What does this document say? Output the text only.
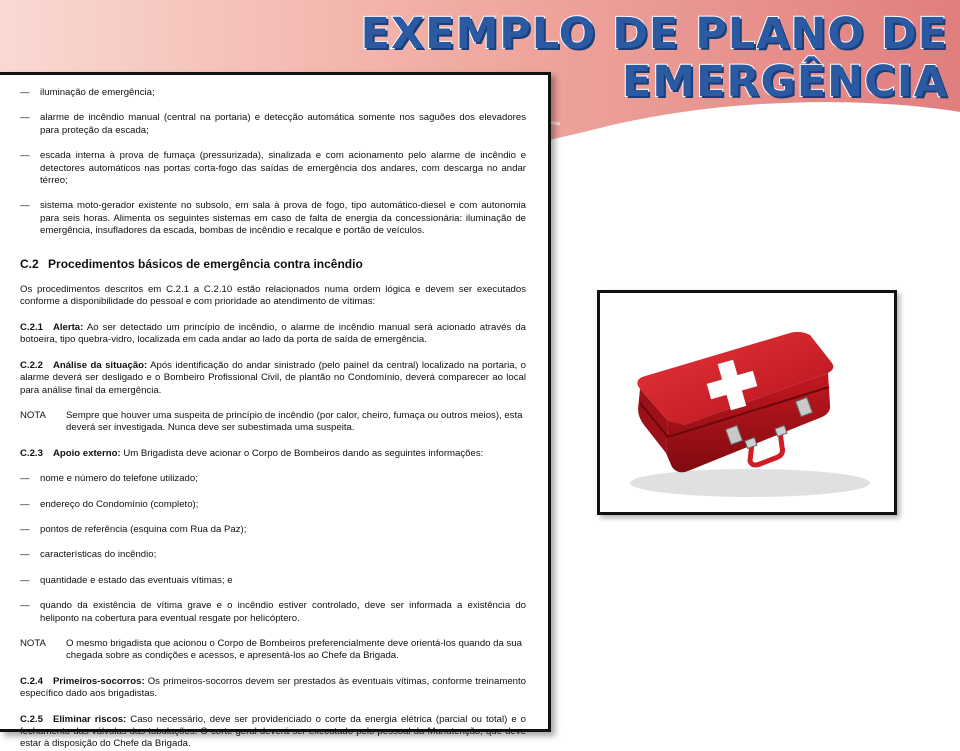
EXEMPLO DE PLANO DE
EMERGÊNCIA
—	iluminação de emergência;
—	alarme de incêndio manual (central na portaria) e detecção automática somente nos saguões dos elevadores para proteção da escada;
—	escada interna à prova de fumaça (pressurizada), sinalizada e com acionamento pelo alarme de incêndio e detectores automáticos nas portas corta-fogo das saídas de emergência dos andares, com descarga no andar térreo;
—	sistema moto-gerador existente no subsolo, em sala à prova de fogo, tipo automático-diesel e com autonomia para seis horas. Alimenta os seguintes sistemas em caso de falta de energia da concessionária: iluminação de emergência, insufladores da escada, bombas de incêndio e recalque e portão de veículos.
C.2 Procedimentos básicos de emergência contra incêndio

Os procedimentos descritos em C.2.1 a C.2.10 estão relacionados numa ordem lógica e devem ser executados conforme a disponibilidade do pessoal e com prioridade ao atendimento de vítimas:

C.2.1 Alerta: Ao ser detectado um princípio de incêndio, o alarme de incêndio manual será acionado através da botoeira, tipo quebra-vidro, localizada em cada andar ao lado da porta de saída de emergência.

C.2.2 Análise da situação: Após identificação do andar sinistrado (pelo painel da central) localizado na portaria, o alarme deverá ser desligado e o Bombeiro Profissional Civil, de plantão no Condomínio, deverá comparecer ao local para análise final da emergência.

NOTA	Sempre que houver uma suspeita de princípio de incêndio (por calor, cheiro, fumaça ou outros meios), esta deverá ser investigada. Nunca deve ser subestimada uma suspeita.

C.2.3 Apoio externo: Um Brigadista deve acionar o Corpo de Bombeiros dando as seguintes informações:

—	nome e número do telefone utilizado;
—	endereço do Condomínio (completo);
—	pontos de referência (esquina com Rua da Paz);
—	características do incêndio;
—	quantidade e estado das eventuais vítimas; e
—	quando da existência de vítima grave e o incêndio estiver controlado, deve ser informada a existência do heliponto na cobertura para eventual resgate por helicóptero.
NOTA	O mesmo brigadista que acionou o Corpo de Bombeiros preferencialmente deve orientá-los quando da sua chegada sobre as condições e acessos, e apresentá-los ao Chefe da Brigada.

C.2.4 Primeiros-socorros: Os primeiros-socorros devem ser prestados às eventuais vítimas, conforme treinamento específico dado aos brigadistas.

C.2.5 Eliminar riscos: Caso necessário, deve ser providenciado o corte da energia elétrica (parcial ou total) e o fechamento das válvulas das tubulações. O corte geral deverá ser executado pelo pessoal da Manutenção, que deve estar à disposição do Chefe da Brigada.
